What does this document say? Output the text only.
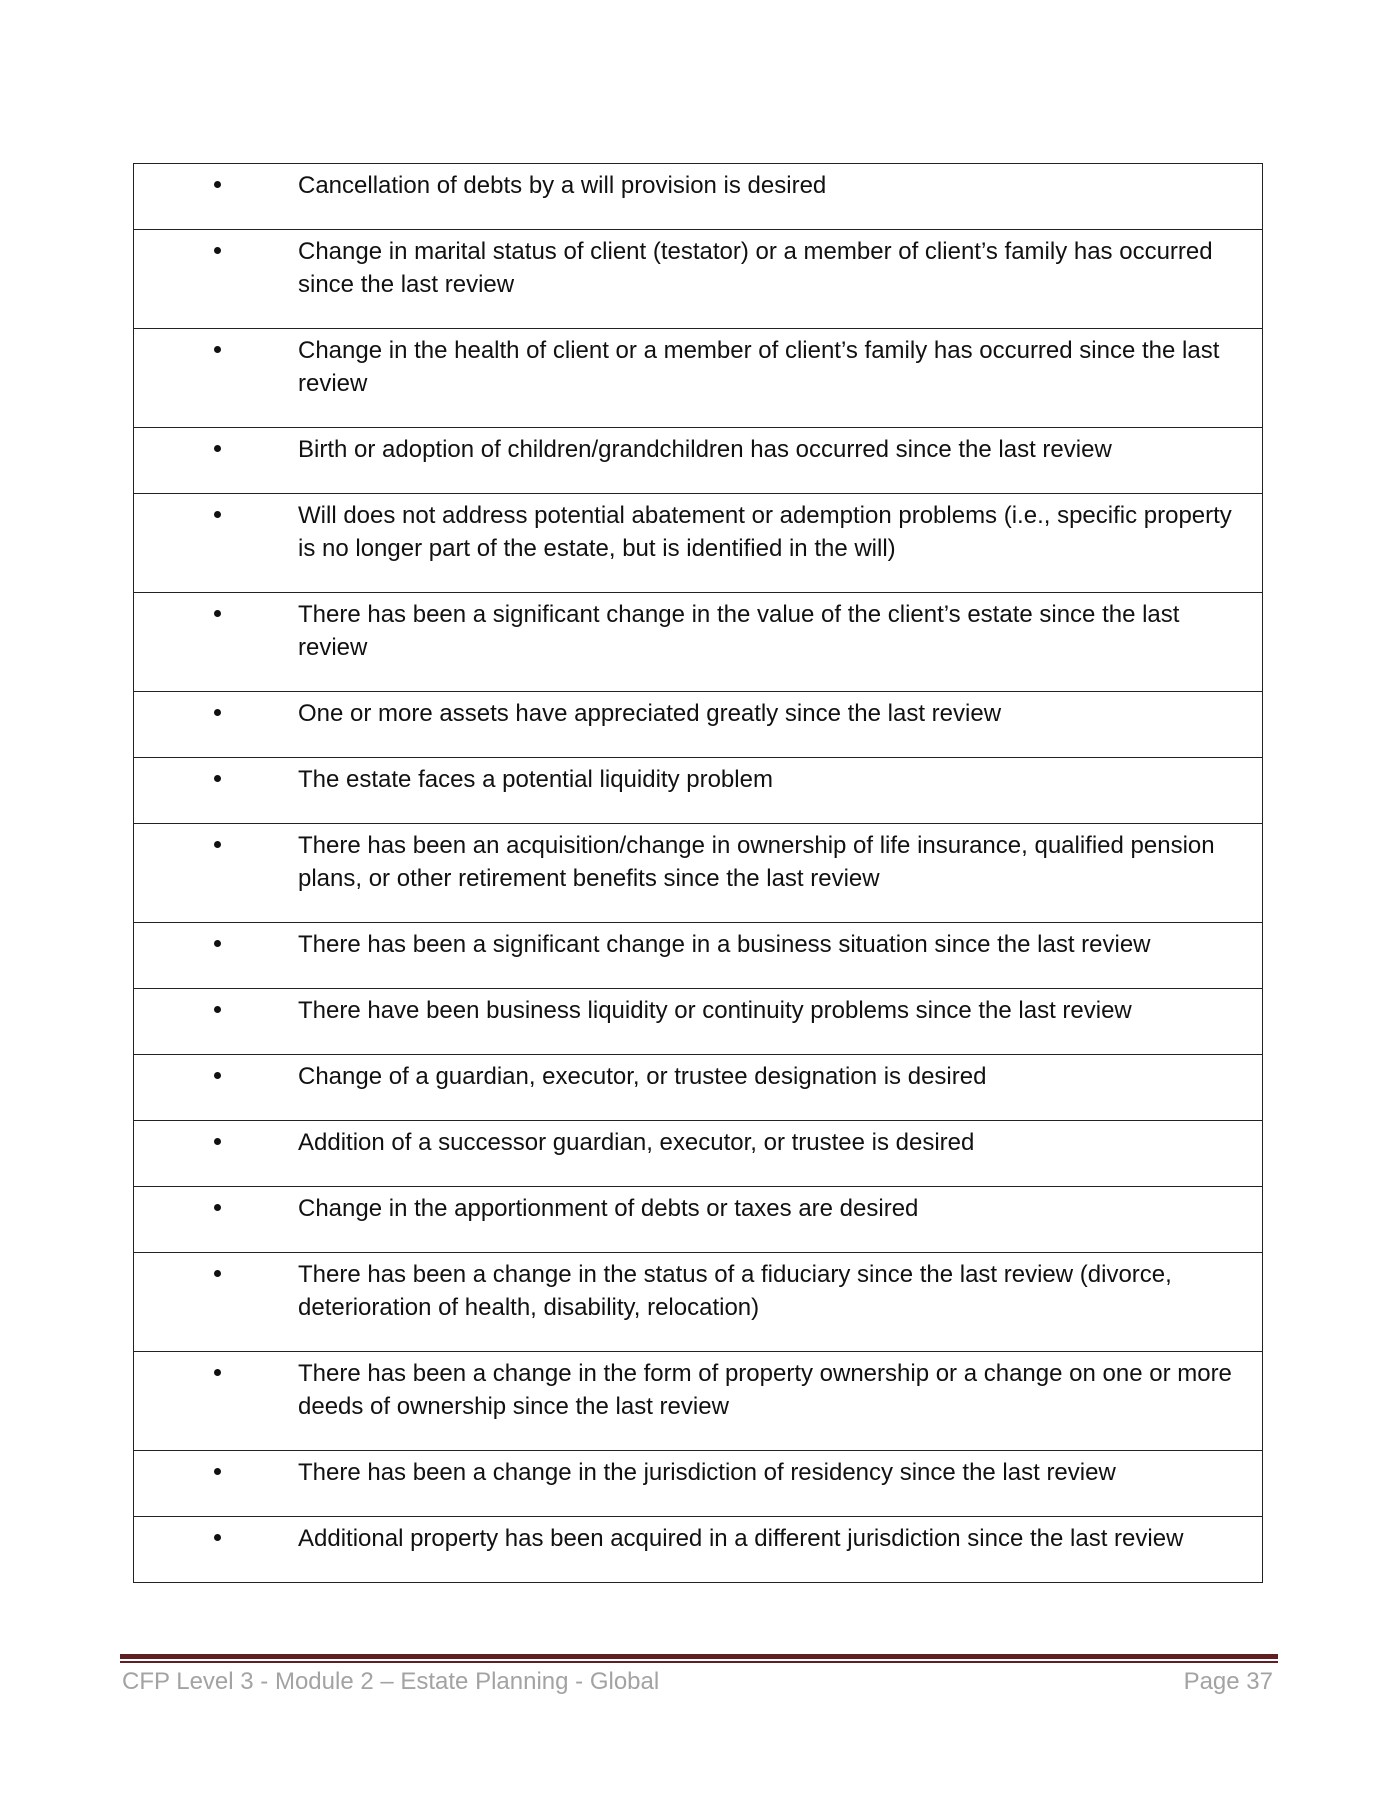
Cancellation of debts by a will provision is desired

Change in marital status of client (testator) or a member of client’s family has occurred since the last review

Change in the health of client or a member of client’s family has occurred since the last review

Birth or adoption of children/grandchildren has occurred since the last review

Will does not address potential abatement or ademption problems (i.e., specific property is no longer part of the estate, but is identified in the will)

There has been a significant change in the value of the client’s estate since the last review

One or more assets have appreciated greatly since the last review

The estate faces a potential liquidity problem

There has been an acquisition/change in ownership of life insurance, qualified pension plans, or other retirement benefits since the last review

There has been a significant change in a business situation since the last review

There have been business liquidity or continuity problems since the last review

Change of a guardian, executor, or trustee designation is desired

Addition of a successor guardian, executor, or trustee is desired

Change in the apportionment of debts or taxes are desired

There has been a change in the status of a fiduciary since the last review (divorce, deterioration of health, disability, relocation)

There has been a change in the form of property ownership or a change on one or more deeds of ownership since the last review

There has been a change in the jurisdiction of residency since the last review

Additional property has been acquired in a different jurisdiction since the last review
CFP Level 3 - Module 2 – Estate Planning - Global	Page 37
